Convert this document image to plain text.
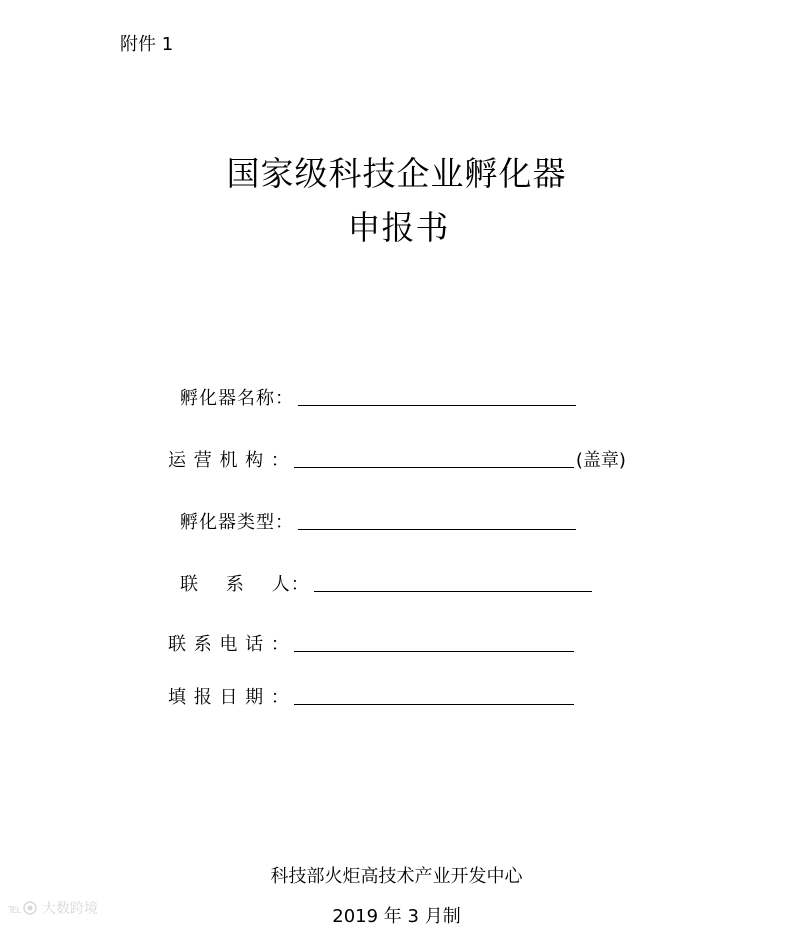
附件 1
国家级科技企业孵化器
申报书
孵化器名称：
运 营 机 构 ：	(盖章)
孵化器类型：
联    系    人：
联 系 电 话 ：
填 报 日 期 ：
科技部火炬高技术产业开发中心
2019 年 3 月制
℡ 大数跨境
